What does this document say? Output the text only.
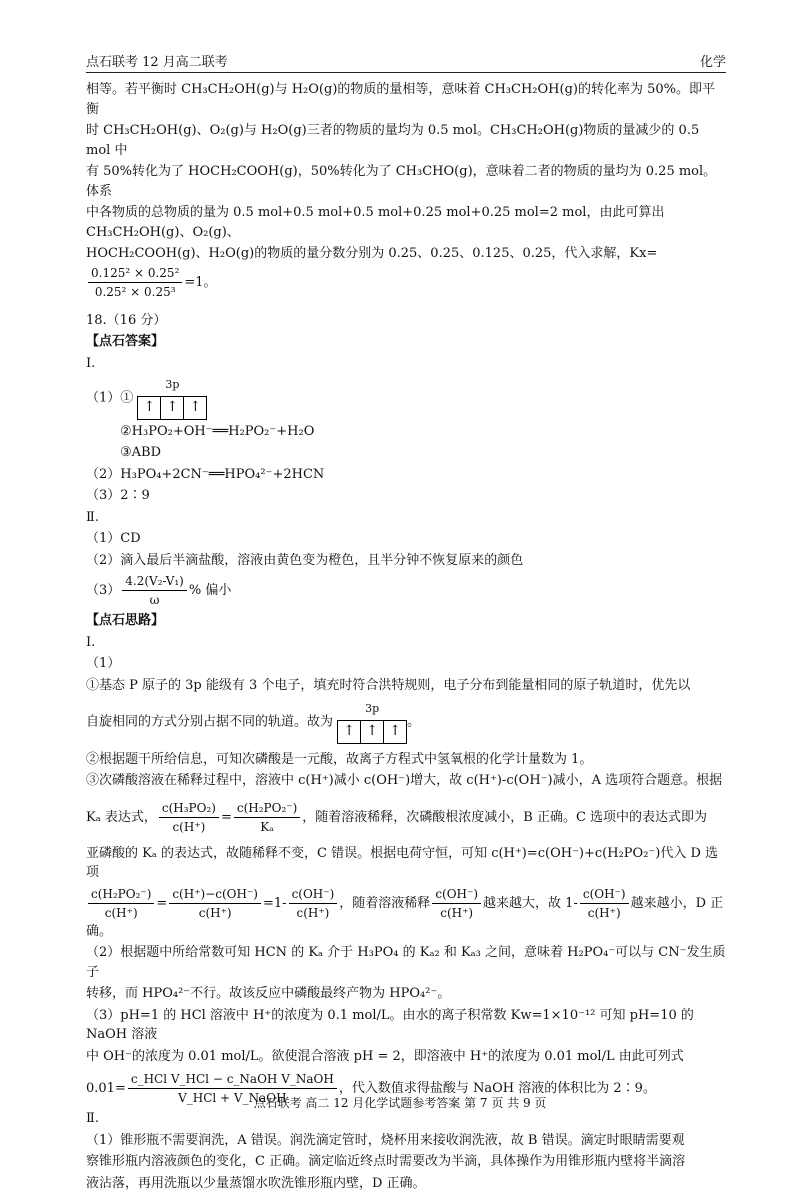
点石联考 12 月高二联考	化学

相等。若平衡时 CH₃CH₂OH(g)与 H₂O(g)的物质的量相等，意味着 CH₃CH₂OH(g)的转化率为 50%。即平衡

时 CH₃CH₂OH(g)、O₂(g)与 H₂O(g)三者的物质的量均为 0.5 mol。CH₃CH₂OH(g)物质的量减少的 0.5 mol 中

有 50%转化为了 HOCH₂COOH(g)，50%转化为了 CH₃CHO(g)，意味着二者的物质的量均为 0.25 mol。体系

中各物质的总物质的量为 0.5 mol+0.5 mol+0.5 mol+0.25 mol+0.25 mol=2 mol，由此可算出 CH₃CH₂OH(g)、O₂(g)、

HOCH₂COOH(g)、H₂O(g)的物质的量分数分别为 0.25、0.25、0.125、0.25，代入求解，Kx=
$\frac{\text{0.125² × 0.25²}}{\text{0.25² × 0.25³}} =1$。

18.（16 分）

【点石答案】

Ⅰ.

（1）①
3p
↑ ↑ ↑

②H₃PO₂+OH⁻══H₂PO₂⁻+H₂O

③ABD

（2）H₃PO₄+2CN⁻══HPO₄²⁻+2HCN

（3）2∶9

Ⅱ.

（1）CD

（2）滴入最后半滴盐酸，溶液由黄色变为橙色，且半分钟不恢复原来的颜色

$(3) \frac{\text{4.2(V₂-V₁)}}{\omega}$ % 偏小

【点石思路】

Ⅰ.

（1）

①基态 P 原子的 3p 能级有 3 个电子，填充时符合洪特规则，电子分布到能量相同的原子轨道时，优先以

自旋相同的方式分别占据不同的轨道。故为
3p
↑ ↑ ↑
。

②根据题干所给信息，可知次磷酸是一元酸，故离子方程式中氢氧根的化学计量数为 1。

③次磷酸溶液在稀释过程中，溶液中 c(H⁺)减小 c(OH⁻)增大，故 c(H⁺)-c(OH⁻)减小，A 选项符合题意。根据

Kₐ 表达式， $\frac{\text{c(H₃PO₂)}}{c(H^+)} = \frac{\text{c(H₂PO₂⁻)}}{\text{Kₐ}}$ ，随着溶液稀释，次磷酸根浓度减小，B 正确。C 选项中的表达式即为

亚磷酸的 Kₐ 的表达式，故随稀释不变，C 错误。根据电荷守恒，可知 c(H⁺)=c(OH⁻)+c(H₂PO₂⁻)代入 D 选项

$\frac{\text{c(H₂PO₂⁻)}}{c(H^+)} = \frac{c(H^+)-c(OH^-)}{c(H^+)} =1- \frac{c(OH^-)}{c(H^+)}$ ，随着溶液稀释 $\frac{c(OH^-)}{c(H^+)}$ 越来越大，故 $1- \frac{c(OH^-)}{c(H^+)}$ 越来越小，D 正确。

（2）根据题中所给常数可知 HCN 的 Kₐ 介于 H₃PO₄ 的 Kₐ₂ 和 Kₐ₃ 之间，意味着 H₂PO₄⁻可以与 CN⁻发生质子

转移，而 HPO₄²⁻不行。故该反应中磷酸最终产物为 HPO₄²⁻。

（3）pH=1 的 HCl 溶液中 H⁺的浓度为 0.1 mol/L。由水的离子积常数 Kw=1×10⁻¹² 可知 pH=10 的 NaOH 溶液

中 OH⁻的浓度为 0.01 mol/L。欲使混合溶液 pH = 2，即溶液中 H⁺的浓度为 0.01 mol/L 由此可列式

$0.01= \frac{\text{c\_HCl V\_HCl − c\_NaOH V\_NaOH}}{\text{V\_HCl + V\_NaOH}}$ ，代入数值求得盐酸与 NaOH 溶液的体积比为 2∶9。

Ⅱ.

（1）锥形瓶不需要润洗，A 错误。润洗滴定管时，烧杯用来接收润洗液，故 B 错误。滴定时眼睛需要观

察锥形瓶内溶液颜色的变化，C 正确。滴定临近终点时需要改为半滴，具体操作为用锥形瓶内壁将半滴溶

液沾落，再用洗瓶以少量蒸馏水吹洗锥形瓶内壁，D 正确。

点石联考 高二 12 月化学试题参考答案 第 7 页 共 9 页
